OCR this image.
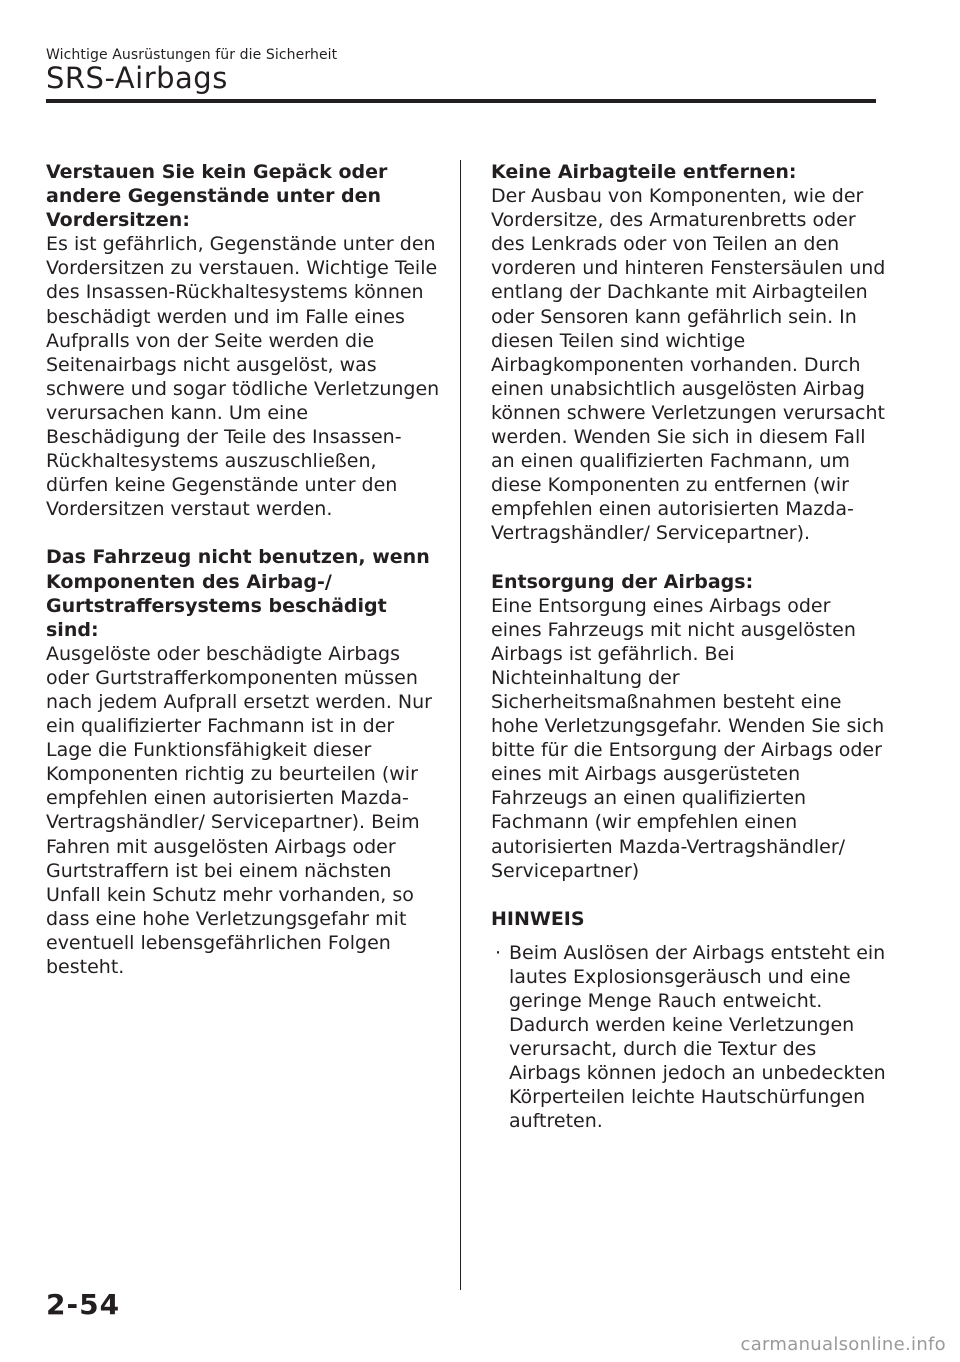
Wichtige Ausrüstungen für die Sicherheit
SRS-Airbags
Verstauen Sie kein Gepäck oder andere Gegenstände unter den Vordersitzen:
Es ist gefährlich, Gegenstände unter den Vordersitzen zu verstauen. Wichtige Teile des Insassen-Rückhaltesystems können beschädigt werden und im Falle eines Aufpralls von der Seite werden die Seitenairbags nicht ausgelöst, was schwere und sogar tödliche Verletzungen verursachen kann. Um eine Beschädigung der Teile des Insassen-Rückhaltesystems auszuschließen, dürfen keine Gegenstände unter den Vordersitzen verstaut werden.
Das Fahrzeug nicht benutzen, wenn Komponenten des Airbag-/ Gurtstraffersystems beschädigt sind:
Ausgelöste oder beschädigte Airbags oder Gurtstrafferkomponenten müssen nach jedem Aufprall ersetzt werden. Nur ein qualifizierter Fachmann ist in der Lage die Funktionsfähigkeit dieser Komponenten richtig zu beurteilen (wir empfehlen einen autorisierten Mazda-Vertragshändler/ Servicepartner). Beim Fahren mit ausgelösten Airbags oder Gurtstraffern ist bei einem nächsten Unfall kein Schutz mehr vorhanden, so dass eine hohe Verletzungsgefahr mit eventuell lebensgefährlichen Folgen besteht.
Keine Airbagteile entfernen:
Der Ausbau von Komponenten, wie der Vordersitze, des Armaturenbretts oder des Lenkrads oder von Teilen an den vorderen und hinteren Fenstersäulen und entlang der Dachkante mit Airbagteilen oder Sensoren kann gefährlich sein. In diesen Teilen sind wichtige Airbagkomponenten vorhanden. Durch einen unabsichtlich ausgelösten Airbag können schwere Verletzungen verursacht werden. Wenden Sie sich in diesem Fall an einen qualifizierten Fachmann, um diese Komponenten zu entfernen (wir empfehlen einen autorisierten Mazda-Vertragshändler/ Servicepartner).
Entsorgung der Airbags:
Eine Entsorgung eines Airbags oder eines Fahrzeugs mit nicht ausgelösten Airbags ist gefährlich. Bei Nichteinhaltung der Sicherheitsmaßnahmen besteht eine hohe Verletzungsgefahr. Wenden Sie sich bitte für die Entsorgung der Airbags oder eines mit Airbags ausgerüsteten Fahrzeugs an einen qualifizierten Fachmann (wir empfehlen einen autorisierten Mazda-Vertragshändler/ Servicepartner)
HINWEIS
· Beim Auslösen der Airbags entsteht ein lautes Explosionsgeräusch und eine geringe Menge Rauch entweicht. Dadurch werden keine Verletzungen verursacht, durch die Textur des Airbags können jedoch an unbedeckten Körperteilen leichte Hautschürfungen auftreten.
2-54
carmanualsonline.info
